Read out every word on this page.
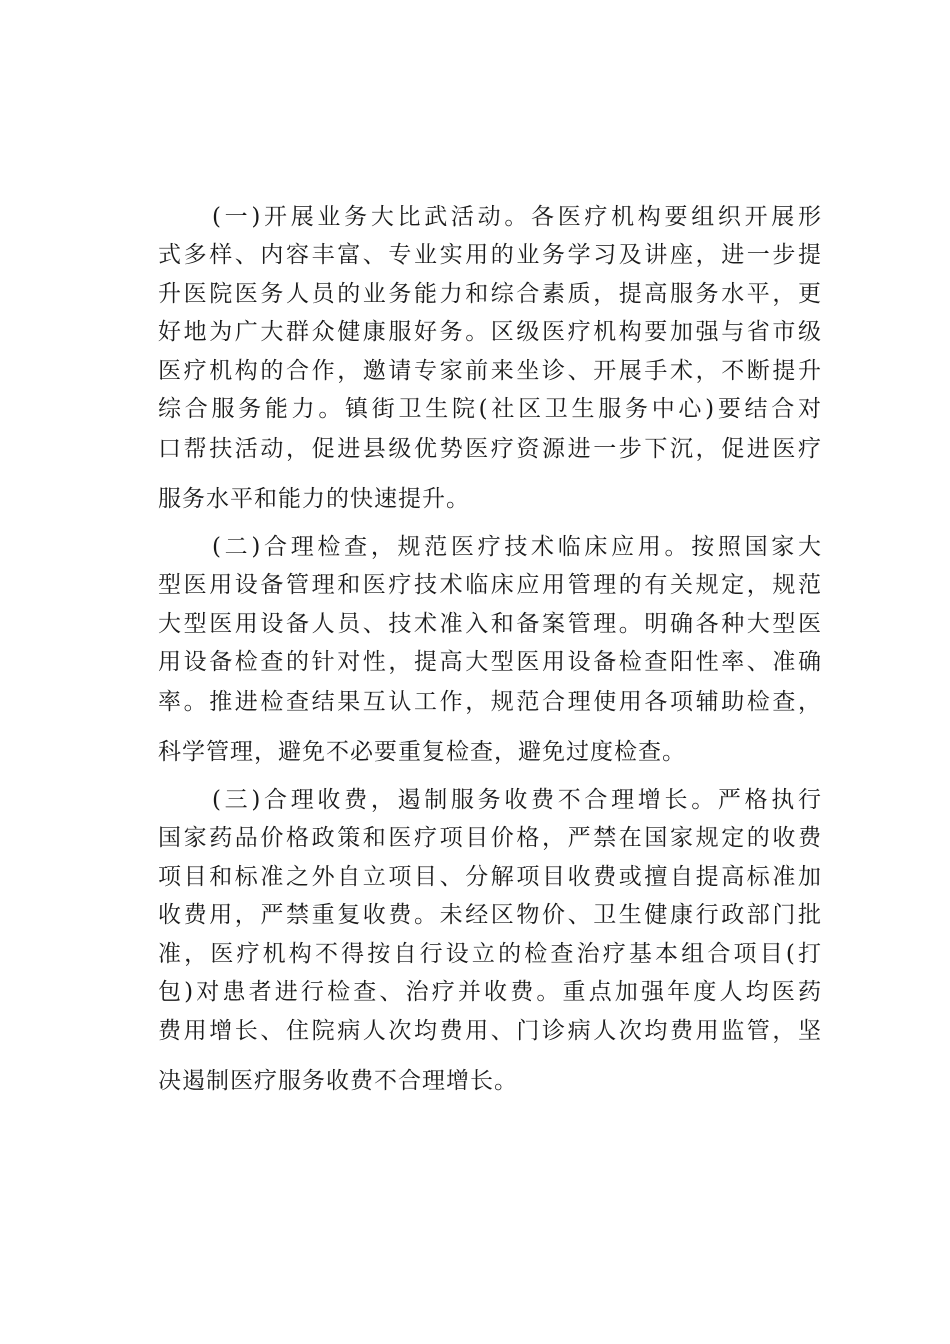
(一)开展业务大比武活动。各医疗机构要组织开展形
式多样、内容丰富、专业实用的业务学习及讲座，进一步提
升医院医务人员的业务能力和综合素质，提高服务水平，更
好地为广大群众健康服好务。区级医疗机构要加强与省市级
医疗机构的合作，邀请专家前来坐诊、开展手术，不断提升
综合服务能力。镇街卫生院(社区卫生服务中心)要结合对
口帮扶活动，促进县级优势医疗资源进一步下沉，促进医疗
服务水平和能力的快速提升。
(二)合理检查，规范医疗技术临床应用。按照国家大
型医用设备管理和医疗技术临床应用管理的有关规定，规范
大型医用设备人员、技术准入和备案管理。明确各种大型医
用设备检查的针对性，提高大型医用设备检查阳性率、准确
率。推进检查结果互认工作，规范合理使用各项辅助检查，
科学管理，避免不必要重复检查，避免过度检查。
(三)合理收费，遏制服务收费不合理增长。严格执行
国家药品价格政策和医疗项目价格，严禁在国家规定的收费
项目和标准之外自立项目、分解项目收费或擅自提高标准加
收费用，严禁重复收费。未经区物价、卫生健康行政部门批
准，医疗机构不得按自行设立的检查治疗基本组合项目(打
包)对患者进行检查、治疗并收费。重点加强年度人均医药
费用增长、住院病人次均费用、门诊病人次均费用监管，坚
决遏制医疗服务收费不合理增长。
